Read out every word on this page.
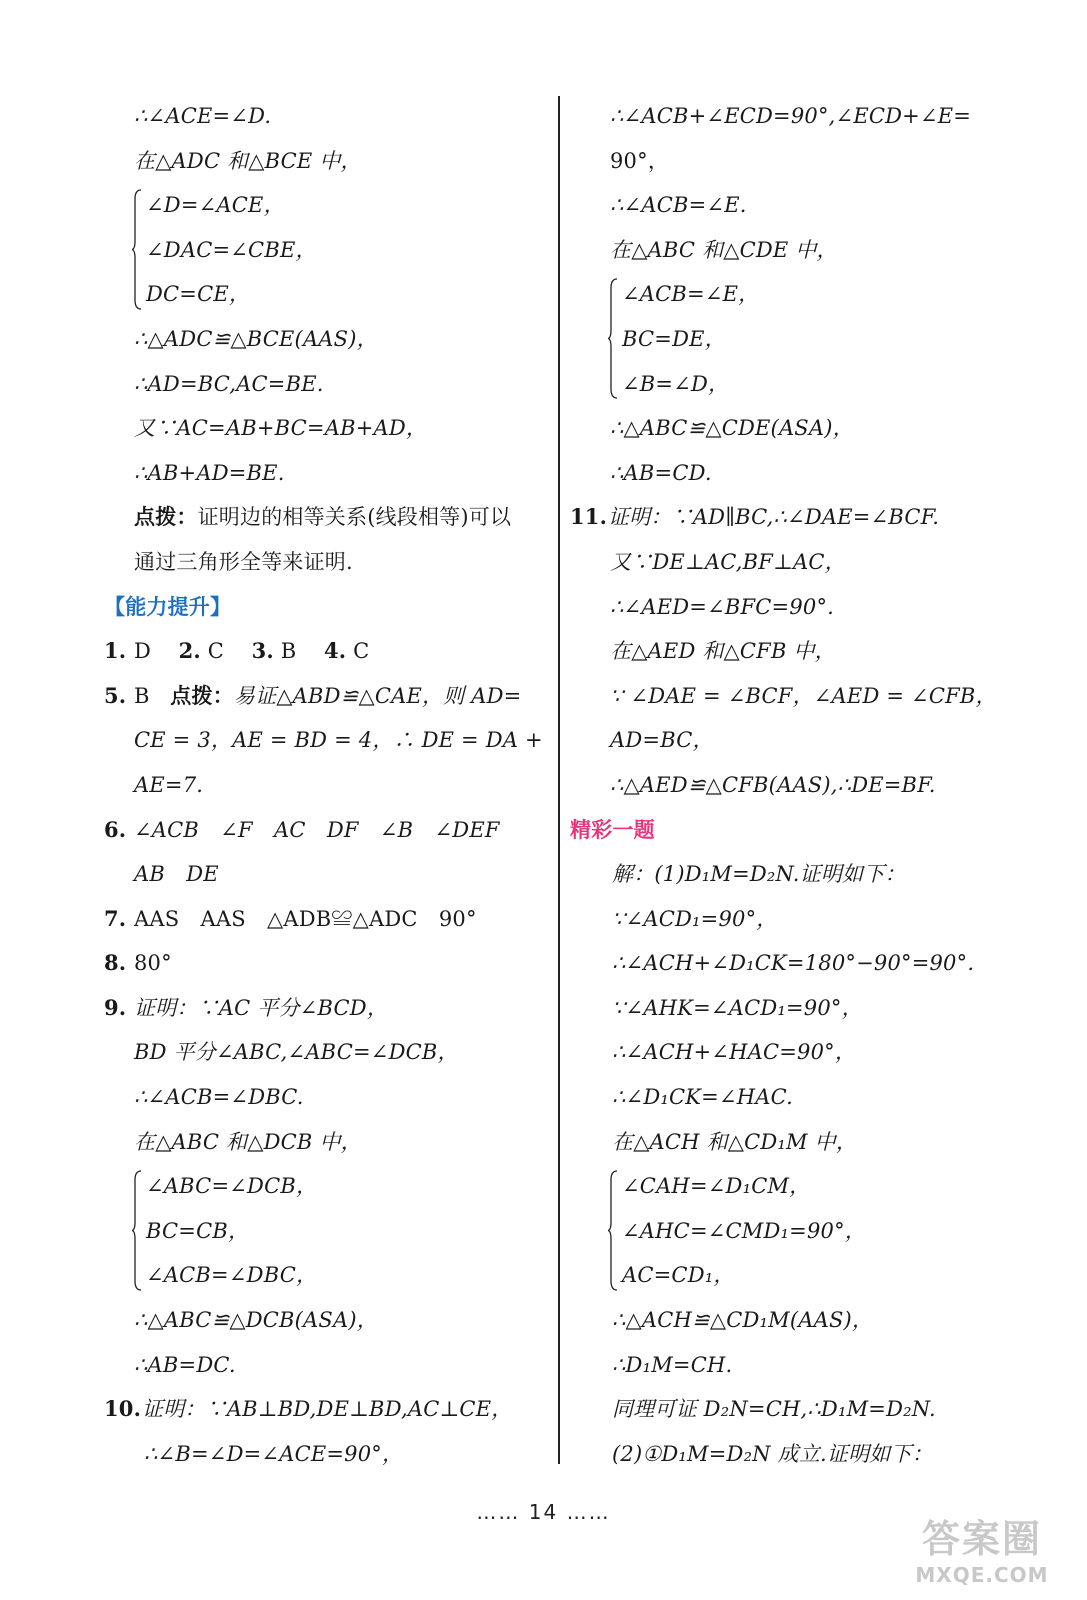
∴∠ACE=∠D.
在△ADC 和△BCE 中，
∠D=∠ACE，
∠DAC=∠CBE，
DC=CE，
∴△ADC≌△BCE(AAS)，
∴AD=BC,AC=BE.
又∵AC=AB+BC=AB+AD，
∴AB+AD=BE.
点拨：证明边的相等关系(线段相等)可以
通过三角形全等来证明.
【能力提升】
1. D 2. C 3. B 4. C
5. B 点拨：易证△ABD≌△CAE，则 AD=
CE = 3，AE = BD = 4，∴ DE = DA +
AE=7.
6. ∠ACB　∠F　AC　DF　∠B　∠DEF
AB　DE
7. AAS　AAS　△ADB≌△ADC　90°
8. 80°
9. 证明：∵AC 平分∠BCD，
BD 平分∠ABC,∠ABC=∠DCB，
∴∠ACB=∠DBC.
在△ABC 和△DCB 中，
∠ABC=∠DCB，
BC=CB，
∠ACB=∠DBC，
∴△ABC≌△DCB(ASA)，
∴AB=DC.
10.证明：∵AB⊥BD,DE⊥BD,AC⊥CE，
∴∠B=∠D=∠ACE=90°，
∴∠ACB+∠ECD=90°,∠ECD+∠E=
90°，
∴∠ACB=∠E.
在△ABC 和△CDE 中，
∠ACB=∠E，
BC=DE，
∠B=∠D，
∴△ABC≌△CDE(ASA)，
∴AB=CD.
11.证明：∵AD∥BC,∴∠DAE=∠BCF.
又∵DE⊥AC,BF⊥AC，
∴∠AED=∠BFC=90°.
在△AED 和△CFB 中，
∵ ∠DAE = ∠BCF，∠AED = ∠CFB，
AD=BC，
∴△AED≌△CFB(AAS),∴DE=BF.
精彩一题
解：(1)D₁M=D₂N.证明如下：
∵∠ACD₁=90°，
∴∠ACH+∠D₁CK=180°−90°=90°.
∵∠AHK=∠ACD₁=90°，
∴∠ACH+∠HAC=90°，
∴∠D₁CK=∠HAC.
在△ACH 和△CD₁M 中，
∠CAH=∠D₁CM，
∠AHC=∠CMD₁=90°，
AC=CD₁，
∴△ACH≌△CD₁M(AAS)，
∴D₁M=CH.
同理可证 D₂N=CH,∴D₁M=D₂N.
(2)①D₁M=D₂N 成立.证明如下：
…… 14 ……
答案圈
MXQE.COM
